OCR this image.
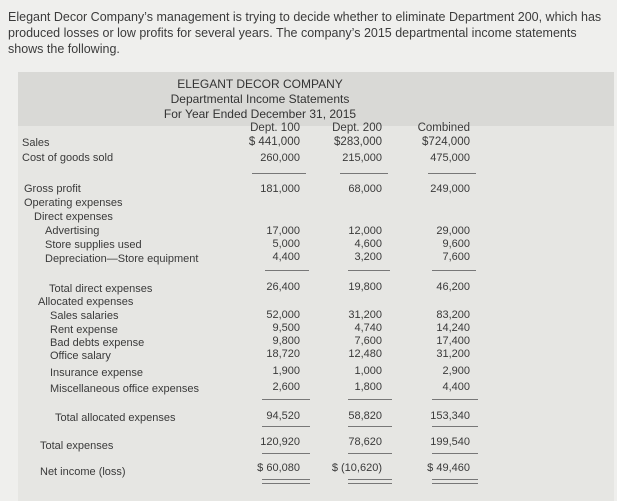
Elegant Decor Company’s management is trying to decide whether to eliminate Department 200, which has produced losses or low profits for several years. The company’s 2015 departmental income statements shows the following.
ELEGANT DECOR COMPANY
Departmental Income Statements
For Year Ended December 31, 2015
Dept. 100	Dept. 200	Combined
Sales	$ 441,000	$283,000	$724,000
Cost of goods sold	260,000	215,000	475,000
Gross profit	181,000	68,000	249,000
Operating expenses
Direct expenses
Advertising	17,000	12,000	29,000
Store supplies used	5,000	4,600	9,600
Depreciation—Store equipment	4,400	3,200	7,600
Total direct expenses	26,400	19,800	46,200
Allocated expenses
Sales salaries	52,000	31,200	83,200
Rent expense	9,500	4,740	14,240
Bad debts expense	9,800	7,600	17,400
Office salary	18,720	12,480	31,200
Insurance expense	1,900	1,000	2,900
Miscellaneous office expenses	2,600	1,800	4,400
Total allocated expenses	94,520	58,820	153,340
Total expenses	120,920	78,620	199,540
Net income (loss)	$ 60,080	$ (10,620)	$ 49,460
